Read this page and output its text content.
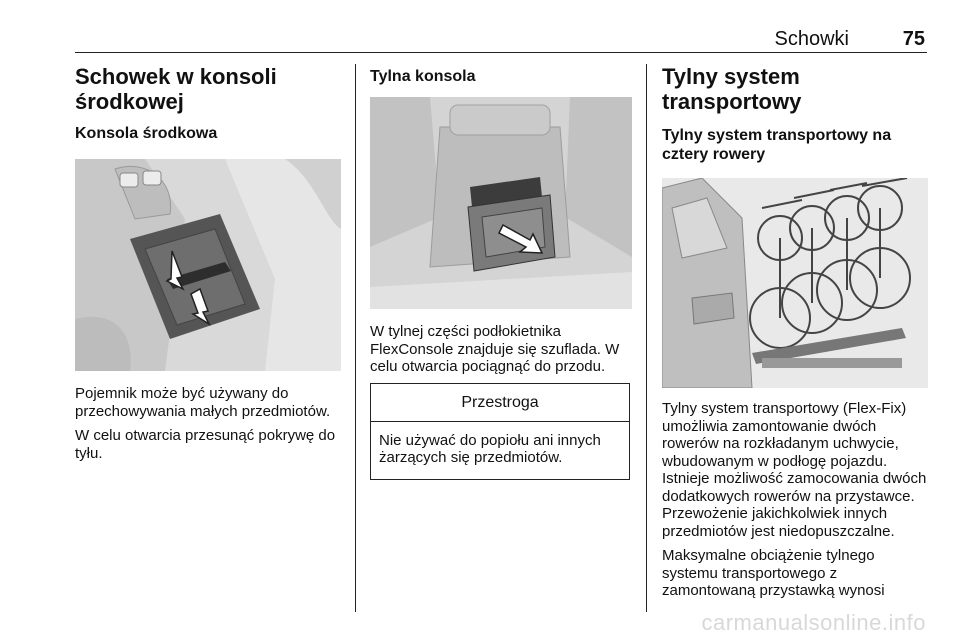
Schowki	75
Schowek w konsoli środkowej
Konsola środkowa

Pojemnik może być używany do przechowywania małych przedmiotów.

W celu otwarcia przesunąć pokrywę do tyłu.

Tylna konsola

W tylnej części podłokietnika FlexConsole znajduje się szuflada. W celu otwarcia pociągnąć do przodu.

Przestroga
Nie używać do popiołu ani innych żarzących się przedmiotów.
Tylny system transportowy
Tylny system transportowy na cztery rowery

Tylny system transportowy (Flex-Fix) umożliwia zamontowanie dwóch rowerów na rozkładanym uchwycie, wbudowanym w podłogę pojazdu. Istnieje możliwość zamocowania dwóch dodatkowych rowerów na przystawce. Przewożenie jakichkolwiek innych przedmiotów jest niedopuszczalne.

Maksymalne obciążenie tylnego systemu transportowego z zamontowaną przystawką wynosi

carmanualsonline.info
